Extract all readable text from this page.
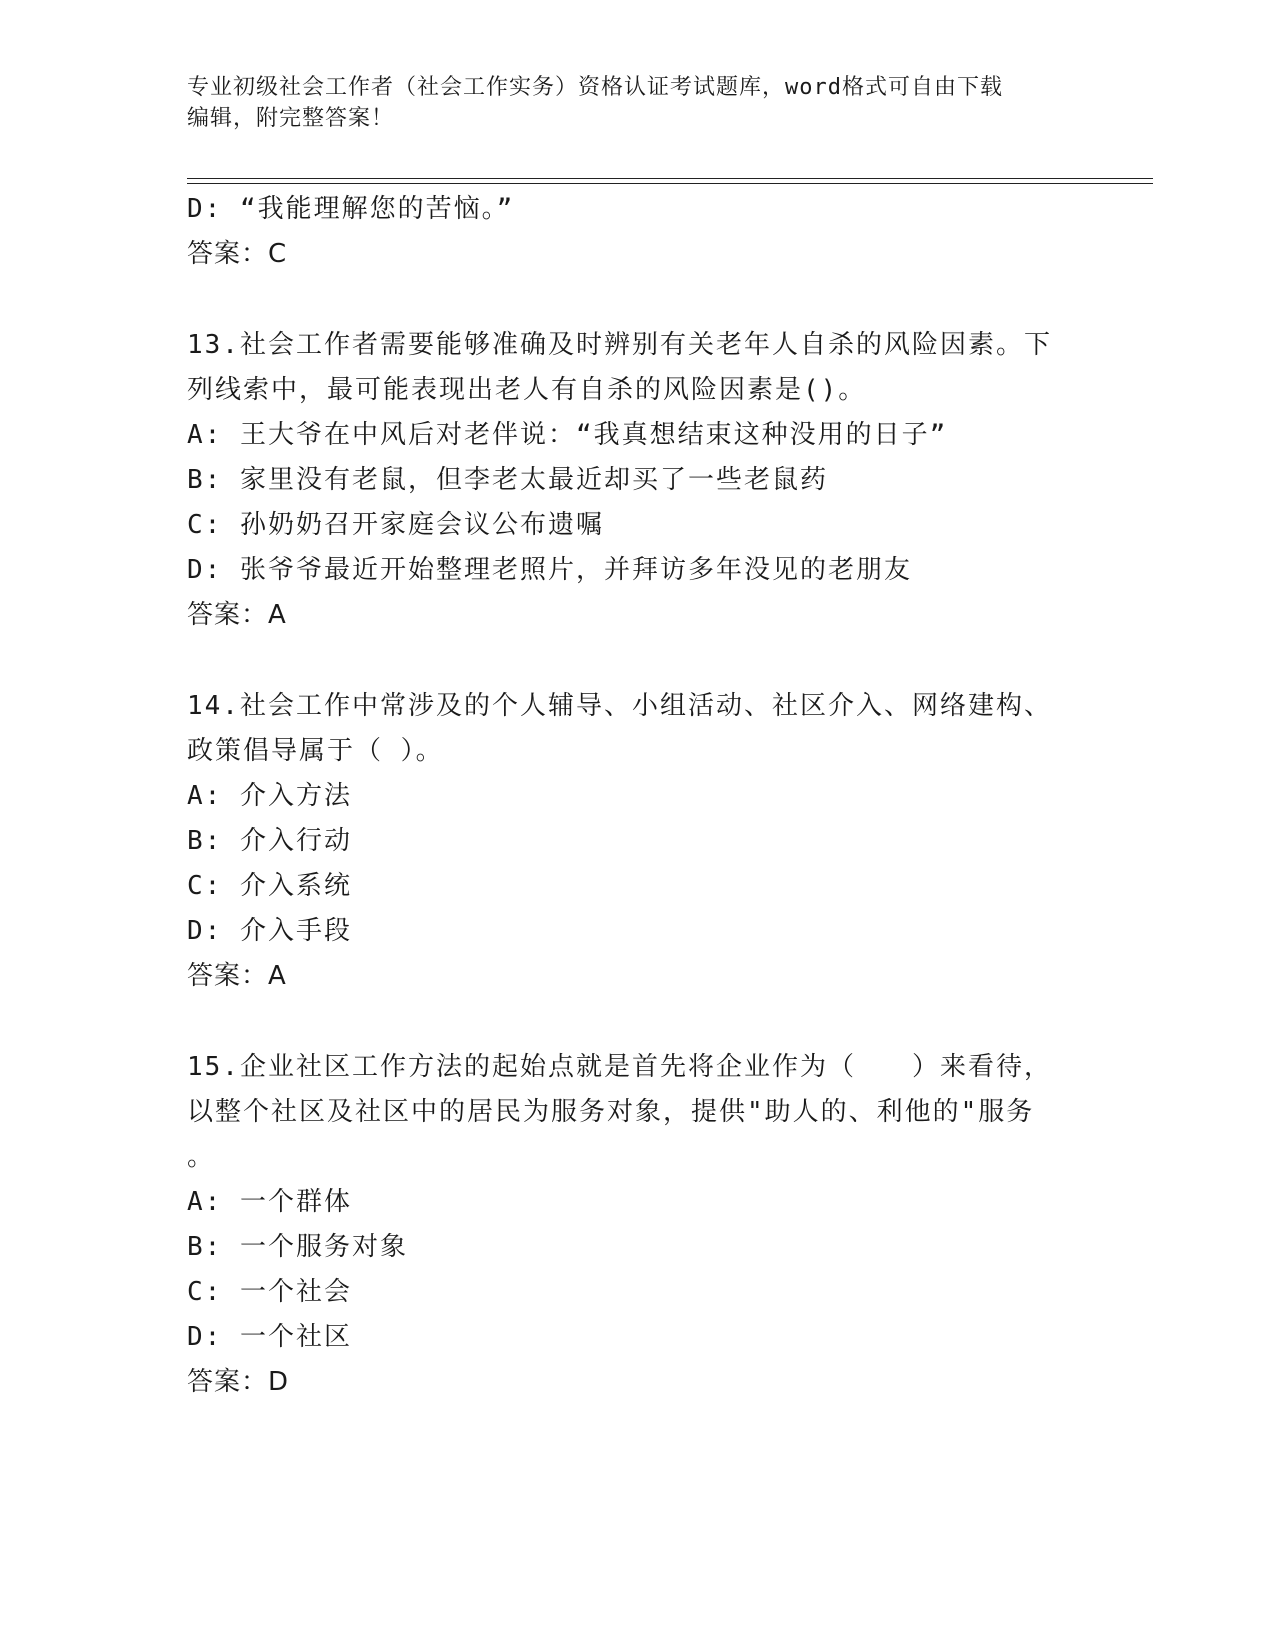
专业初级社会工作者（社会工作实务）资格认证考试题库，word格式可自由下载
编辑，附完整答案！
D: “我能理解您的苦恼。”
答案：C
13.社会工作者需要能够准确及时辨别有关老年人自杀的风险因素。下
列线索中，最可能表现出老人有自杀的风险因素是()。
A: 王大爷在中风后对老伴说：“我真想结束这种没用的日子”
B: 家里没有老鼠，但李老太最近却买了一些老鼠药
C: 孙奶奶召开家庭会议公布遗嘱
D: 张爷爷最近开始整理老照片，并拜访多年没见的老朋友
答案：A
14.社会工作中常涉及的个人辅导、小组活动、社区介入、网络建构、
政策倡导属于（ ）。
A: 介入方法
B: 介入行动
C: 介入系统
D: 介入手段
答案：A
15.企业社区工作方法的起始点就是首先将企业作为（　　）来看待，
以整个社区及社区中的居民为服务对象，提供"助人的、利他的"服务
。
A: 一个群体
B: 一个服务对象
C: 一个社会
D: 一个社区
答案：D
